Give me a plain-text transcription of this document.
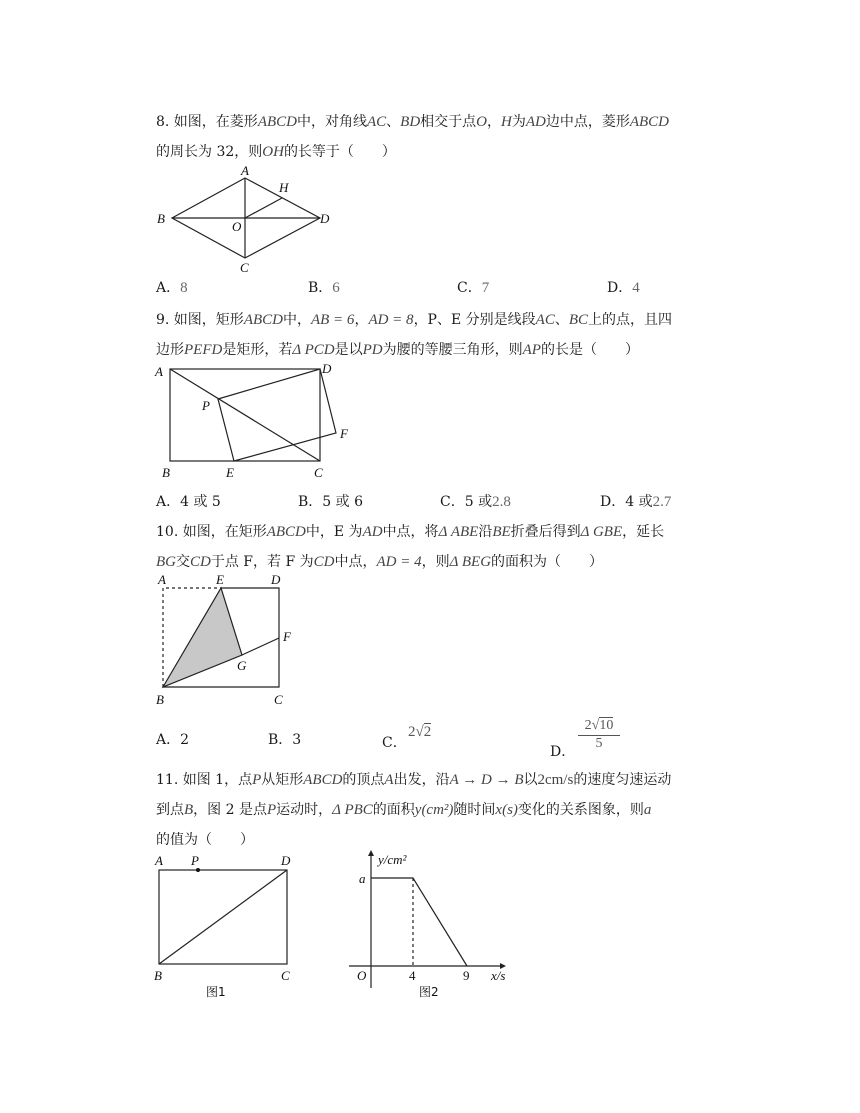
8. 如图，在菱形ABCD中，对角线AC、BD相交于点O，H为AD边中点，菱形ABCD
的周长为 32，则OH的长等于（　　）
A
B
C
D
O
H
A．8	B．6	C．7	D．4
9. 如图，矩形ABCD中，AB = 6，AD = 8，P、E 分别是线段AC、BC上的点，且四
边形PEFD是矩形，若Δ PCD是以PD为腰的等腰三角形，则AP的长是（　　）
A	D
P
F
B	E	C
A．4 或 5	B．5 或 6	C．5 或2.8	D．4 或2.7
10. 如图，在矩形ABCD中，E 为AD中点，将Δ ABE沿BE折叠后得到Δ GBE，延长
BG交CD于点 F，若 F 为CD中点，AD = 4，则Δ BEG的面积为（　　）
A	E	D
F
G
B	C
A．2	B．3	C．
2√2
D． $\frac{2√10}{5}$
11. 如图 1，点P从矩形ABCD的顶点A出发，沿A → D → B以2cm/s的速度匀速运动
到点B，图 2 是点P运动时，Δ PBC的面积y(cm²)随时间x(s)变化的关系图象，则a
的值为（　　）
A P	D
B	C
图1
y/cm²
a
O	4	9 x/s
图2
